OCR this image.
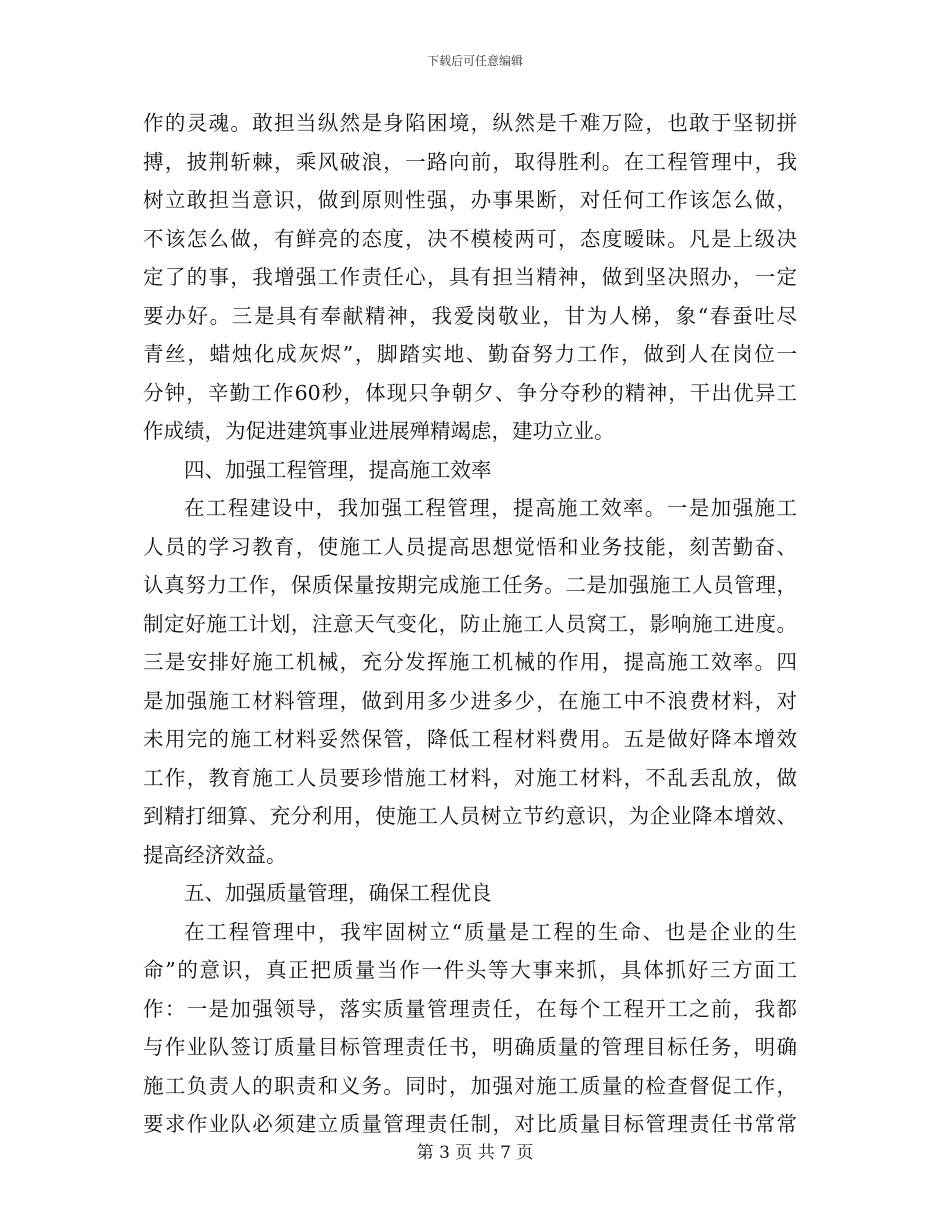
下载后可任意编辑
作的灵魂。敢担当纵然是身陷困境，纵然是千难万险，也敢于坚韧拼
搏，披荆斩棘，乘风破浪，一路向前，取得胜利。在工程管理中，我
树立敢担当意识，做到原则性强，办事果断，对任何工作该怎么做，
不该怎么做，有鲜亮的态度，决不模棱两可，态度暧昧。凡是上级决
定了的事，我增强工作责任心，具有担当精神，做到坚决照办，一定
要办好。三是具有奉献精神，我爱岗敬业，甘为人梯，象“春蚕吐尽
青丝，蜡烛化成灰烬”，脚踏实地、勤奋努力工作，做到人在岗位一
分钟，辛勤工作60秒，体现只争朝夕、争分夺秒的精神，干出优异工
作成绩，为促进建筑事业进展殚精竭虑，建功立业。
四、加强工程管理，提高施工效率
在工程建设中，我加强工程管理，提高施工效率。一是加强施工
人员的学习教育，使施工人员提高思想觉悟和业务技能，刻苦勤奋、
认真努力工作，保质保量按期完成施工任务。二是加强施工人员管理，
制定好施工计划，注意天气变化，防止施工人员窝工，影响施工进度。
三是安排好施工机械，充分发挥施工机械的作用，提高施工效率。四
是加强施工材料管理，做到用多少进多少，在施工中不浪费材料，对
未用完的施工材料妥然保管，降低工程材料费用。五是做好降本增效
工作，教育施工人员要珍惜施工材料，对施工材料，不乱丢乱放，做
到精打细算、充分利用，使施工人员树立节约意识，为企业降本增效、
提高经济效益。
五、加强质量管理，确保工程优良
在工程管理中，我牢固树立“质量是工程的生命、也是企业的生
命”的意识，真正把质量当作一件头等大事来抓，具体抓好三方面工
作：一是加强领导，落实质量管理责任，在每个工程开工之前，我都
与作业队签订质量目标管理责任书，明确质量的管理目标任务，明确
施工负责人的职责和义务。同时，加强对施工质量的检查督促工作，
要求作业队必须建立质量管理责任制，对比质量目标管理责任书常常
第 3 页 共 7 页
